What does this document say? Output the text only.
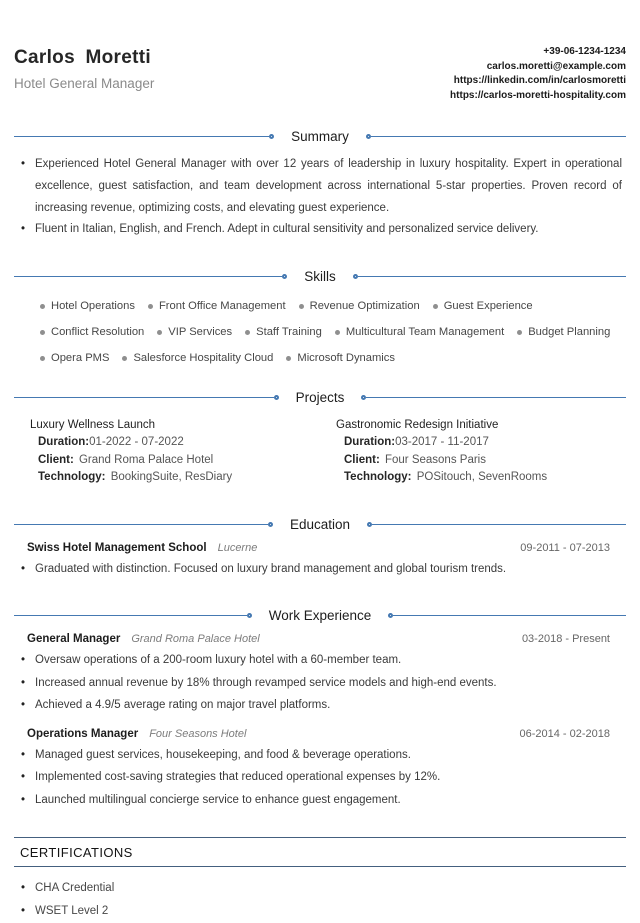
Carlos Moretti
Hotel General Manager
+39-06-1234-1234
carlos.moretti@example.com
https://linkedin.com/in/carlosmoretti
https://carlos-moretti-hospitality.com
Summary

• Experienced Hotel General Manager with over 12 years of leadership in luxury hospitality. Expert in operational excellence, guest satisfaction, and team development across international 5-star properties. Proven record of increasing revenue, optimizing costs, and elevating guest experience.

• Fluent in Italian, English, and French. Adept in cultural sensitivity and personalized service delivery.

Skills
Hotel Operations	Front Office Management	Revenue Optimization	Guest Experience
Conflict Resolution	VIP Services	Staff Training	Multicultural Team Management	Budget Planning
Opera PMS	Salesforce Hospitality Cloud	Microsoft Dynamics
Projects
Luxury Wellness Launch
Duration:01-2022 - 07-2022
Client: Grand Roma Palace Hotel
Technology: BookingSuite, ResDiary
Gastronomic Redesign Initiative
Duration:03-2017 - 11-2017
Client: Four Seasons Paris
Technology: POSitouch, SevenRooms
Education
Swiss Hotel Management School Lucerne	09-2011 - 07-2013

• Graduated with distinction. Focused on luxury brand management and global tourism trends.

Work Experience
General Manager Grand Roma Palace Hotel	03-2018 - Present

• Oversaw operations of a 200-room luxury hotel with a 60-member team.

• Increased annual revenue by 18% through revamped service models and high-end events.

• Achieved a 4.9/5 average rating on major travel platforms.

Operations Manager Four Seasons Hotel	06-2014 - 02-2018

• Managed guest services, housekeeping, and food & beverage operations.

• Implemented cost-saving strategies that reduced operational expenses by 12%.

• Launched multilingual concierge service to enhance guest engagement.

CERTIFICATIONS

• CHA Credential

• WSET Level 2
